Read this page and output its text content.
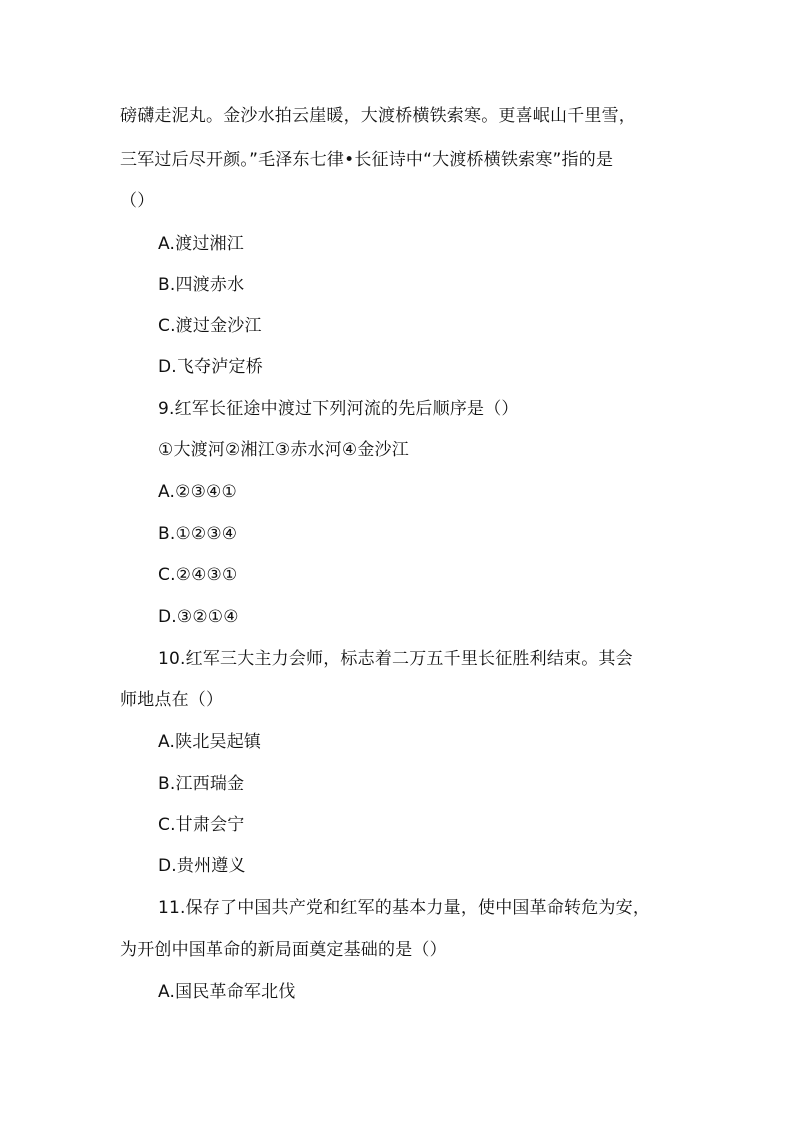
磅礴走泥丸。金沙水拍云崖暖，大渡桥横铁索寒。更喜岷山千里雪，
三军过后尽开颜。”毛泽东七律•长征诗中“大渡桥横铁索寒”指的是
（）
A.渡过湘江
B.四渡赤水
C.渡过金沙江
D.飞夺泸定桥
9.红军长征途中渡过下列河流的先后顺序是（）
①大渡河②湘江③赤水河④金沙江
A.②③④①
B.①②③④
C.②④③①
D.③②①④
10.红军三大主力会师，标志着二万五千里长征胜利结束。其会
师地点在（）
A.陕北吴起镇
B.江西瑞金
C.甘肃会宁
D.贵州遵义
11.保存了中国共产党和红军的基本力量，使中国革命转危为安，
为开创中国革命的新局面奠定基础的是（）
A.国民革命军北伐
